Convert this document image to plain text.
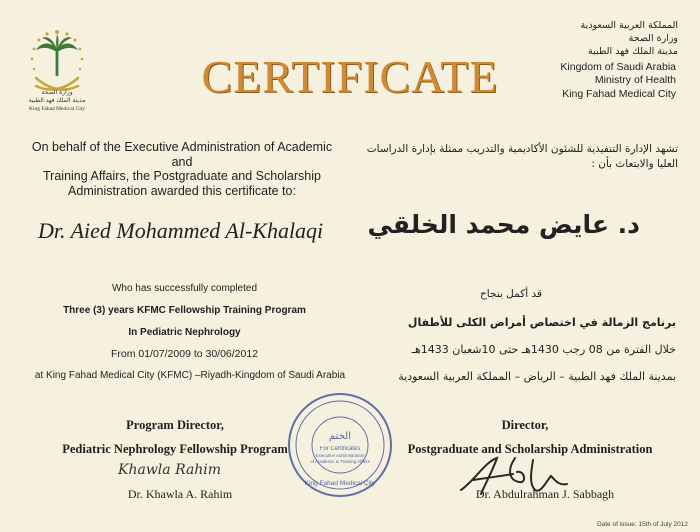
وزارة الصحة
مدينة الملك فهد الطبية
King Fahad Medical City
CERTIFICATE
المملكة العربية السعودية
وزارة الصحة
مدينة الملك فهد الطبية
Kingdom of Saudi Arabia
Ministry of Health
King Fahad Medical City
On behalf of the Executive Administration of Academic and
Training Affairs, the Postgraduate and Scholarship
Administration awarded this certificate to:
تشهد الإدارة التنفيذية للشئون الأكاديمية والتدريب ممثلة بإدارة الدراسات
العليا والابتعاث بأن :
Dr. Aied Mohammed Al-Khalaqi د. عايض محمد الخلقي
Who has successfully completed
Three (3) years KFMC Fellowship Training Program
In Pediatric Nephrology
From 01/07/2009 to 30/06/2012
at King Fahad Medical City (KFMC) –Riyadh-Kingdom of Saudi Arabia
قد أكمل بنجاح
برنامج الزمالة في اختصاص أمراض الكلى للأطفال
خلال الفترة من 08 رجب 1430هـ حتى 10شعبان 1433هـ
بمدينة الملك فهد الطبية – الرياض – المملكة العربية السعودية
Program Director,
Pediatric Nephrology Fellowship Program
Khawla Rahim
Dr. Khawla A. Rahim
Director,
Postgraduate and Scholarship Administration
Dr. Abdulrahman J. Sabbagh
الختم
For Certificates
Executive Administration
of Academic & Training Affairs
King Fahad Medical City
Date of issue: 15th of July 2012
